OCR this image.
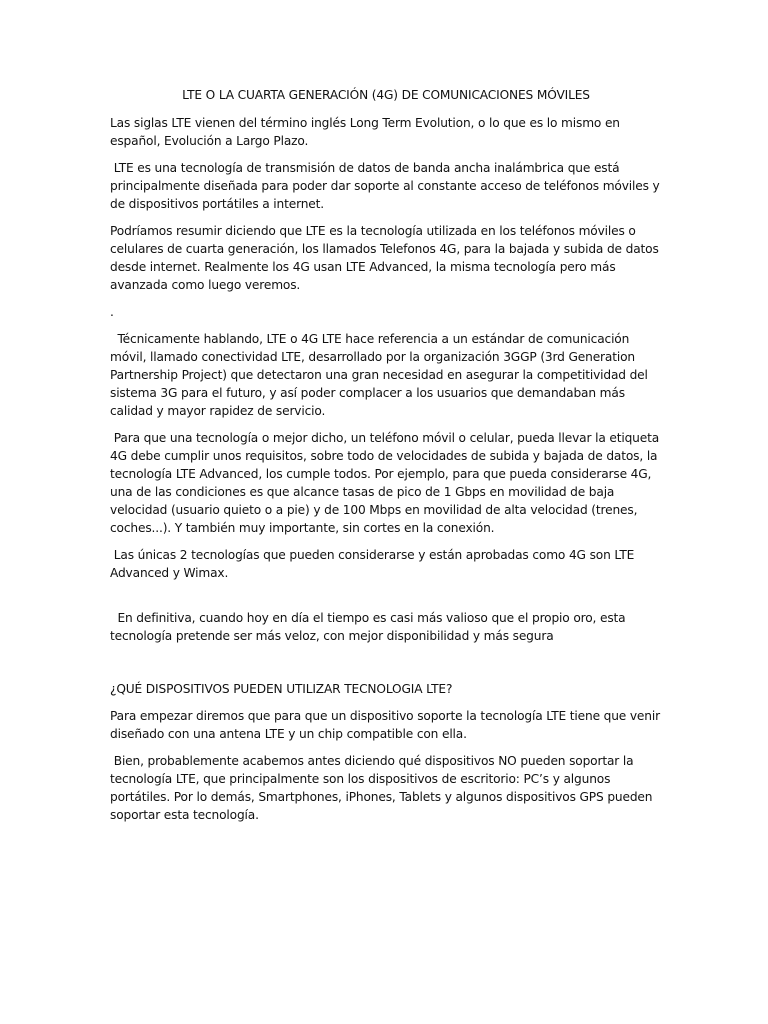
LTE O LA CUARTA GENERACIÓN (4G) DE COMUNICACIONES MÓVILES

Las siglas LTE vienen del término inglés Long Term Evolution, o lo que es lo mismo en español, Evolución a Largo Plazo.

LTE es una tecnología de transmisión de datos de banda ancha inalámbrica que está principalmente diseñada para poder dar soporte al constante acceso de teléfonos móviles y de dispositivos portátiles a internet.

Podríamos resumir diciendo que LTE es la tecnología utilizada en los teléfonos móviles o celulares de cuarta generación, los llamados Telefonos 4G, para la bajada y subida de datos desde internet. Realmente los 4G usan LTE Advanced, la misma tecnología pero más avanzada como luego veremos.

.

Técnicamente hablando, LTE o 4G LTE hace referencia a un estándar de comunicación móvil, llamado conectividad LTE, desarrollado por la organización 3GGP (3rd Generation Partnership Project) que detectaron una gran necesidad en asegurar la competitividad del sistema 3G para el futuro, y así poder complacer a los usuarios que demandaban más calidad y mayor rapidez de servicio.

Para que una tecnología o mejor dicho, un teléfono móvil o celular, pueda llevar la etiqueta 4G debe cumplir unos requisitos, sobre todo de velocidades de subida y bajada de datos, la tecnología LTE Advanced, los cumple todos. Por ejemplo, para que pueda considerarse 4G, una de las condiciones es que alcance tasas de pico de 1 Gbps en movilidad de baja velocidad (usuario quieto o a pie) y de 100 Mbps en movilidad de alta velocidad (trenes, coches...). Y también muy importante, sin cortes en la conexión.

Las únicas 2 tecnologías que pueden considerarse y están aprobadas como 4G son LTE Advanced y Wimax.

En definitiva, cuando hoy en día el tiempo es casi más valioso que el propio oro, esta tecnología pretende ser más veloz, con mejor disponibilidad y más segura

¿QUÉ DISPOSITIVOS PUEDEN UTILIZAR TECNOLOGIA LTE?

Para empezar diremos que para que un dispositivo soporte la tecnología LTE tiene que venir diseñado con una antena LTE y un chip compatible con ella.

Bien, probablemente acabemos antes diciendo qué dispositivos NO pueden soportar la tecnología LTE, que principalmente son los dispositivos de escritorio: PC’s y algunos portátiles. Por lo demás, Smartphones, iPhones, Tablets y algunos dispositivos GPS pueden soportar esta tecnología.
